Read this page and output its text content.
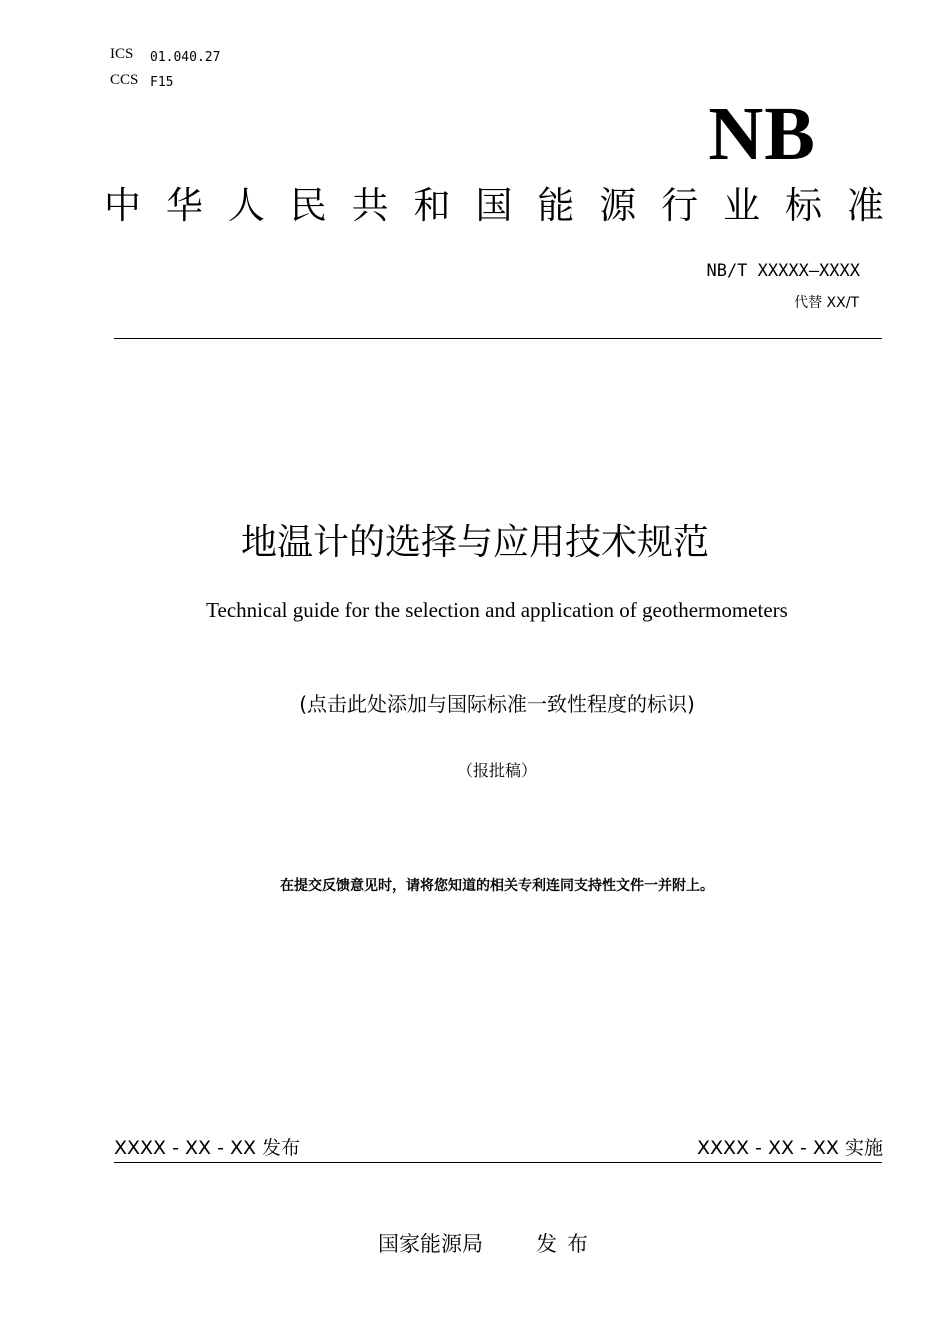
ICS 01.040.27
CCS F15
NB
中 华 人 民 共 和 国 能 源 行 业 标 准
NB/T XXXXX—XXXX
代替 XX/T
地温计的选择与应用技术规范
Technical guide for the selection and application of geothermometers
(点击此处添加与国际标准一致性程度的标识)
（报批稿）
在提交反馈意见时，请将您知道的相关专利连同支持性文件一并附上。
XXXX - XX - XX 发布	XXXX - XX - XX 实施
国家能源局	发布
